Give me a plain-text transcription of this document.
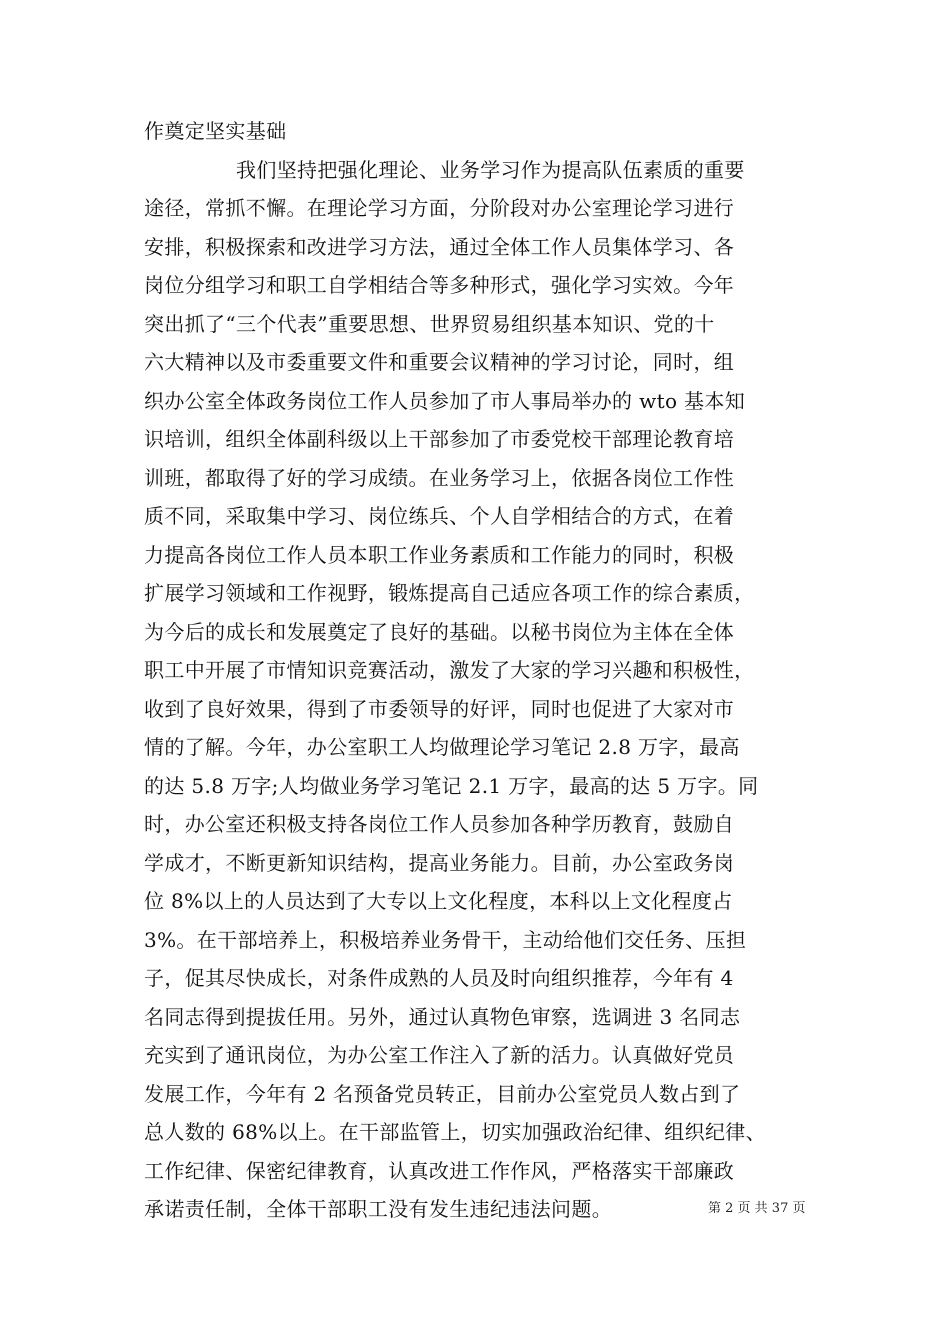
作奠定坚实基础
我们坚持把强化理论、业务学习作为提高队伍素质的重要
途径，常抓不懈。在理论学习方面，分阶段对办公室理论学习进行
安排，积极探索和改进学习方法，通过全体工作人员集体学习、各
岗位分组学习和职工自学相结合等多种形式，强化学习实效。今年
突出抓了“三个代表”重要思想、世界贸易组织基本知识、党的十
六大精神以及市委重要文件和重要会议精神的学习讨论，同时，组
织办公室全体政务岗位工作人员参加了市人事局举办的 wto 基本知
识培训，组织全体副科级以上干部参加了市委党校干部理论教育培
训班，都取得了好的学习成绩。在业务学习上，依据各岗位工作性
质不同，采取集中学习、岗位练兵、个人自学相结合的方式，在着
力提高各岗位工作人员本职工作业务素质和工作能力的同时，积极
扩展学习领域和工作视野，锻炼提高自己适应各项工作的综合素质，
为今后的成长和发展奠定了良好的基础。以秘书岗位为主体在全体
职工中开展了市情知识竞赛活动，激发了大家的学习兴趣和积极性，
收到了良好效果，得到了市委领导的好评，同时也促进了大家对市
情的了解。今年，办公室职工人均做理论学习笔记 2.8 万字，最高
的达 5.8 万字;人均做业务学习笔记 2.1 万字，最高的达 5 万字。同
时，办公室还积极支持各岗位工作人员参加各种学历教育，鼓励自
学成才，不断更新知识结构，提高业务能力。目前，办公室政务岗
位 8%以上的人员达到了大专以上文化程度，本科以上文化程度占
3%。在干部培养上，积极培养业务骨干，主动给他们交任务、压担
子，促其尽快成长，对条件成熟的人员及时向组织推荐，今年有 4
名同志得到提拔任用。另外，通过认真物色审察，选调进 3 名同志
充实到了通讯岗位，为办公室工作注入了新的活力。认真做好党员
发展工作，今年有 2 名预备党员转正，目前办公室党员人数占到了
总人数的 68%以上。在干部监管上，切实加强政治纪律、组织纪律、
工作纪律、保密纪律教育，认真改进工作作风，严格落实干部廉政
承诺责任制，全体干部职工没有发生违纪违法问题。	第 2 页 共 37 页
